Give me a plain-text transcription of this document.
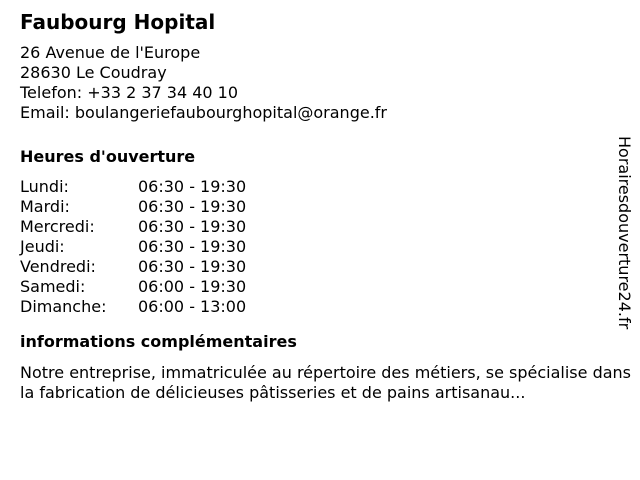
Faubourg Hopital
26 Avenue de l'Europe
28630 Le Coudray
Telefon: +33 2 37 34 40 10
Email: boulangeriefaubourghopital@orange.fr
Heures d'ouverture
Lundi:	06:30 - 19:30
Mardi:	06:30 - 19:30
Mercredi:	06:30 - 19:30
Jeudi:	06:30 - 19:30
Vendredi:	06:30 - 19:30
Samedi:	06:00 - 19:30
Dimanche:	06:00 - 13:00
informations complémentaires
Notre entreprise, immatriculée au répertoire des métiers, se spécialise dans la fabrication de délicieuses pâtisseries et de pains artisanau...
Horairesdouverture24.fr
